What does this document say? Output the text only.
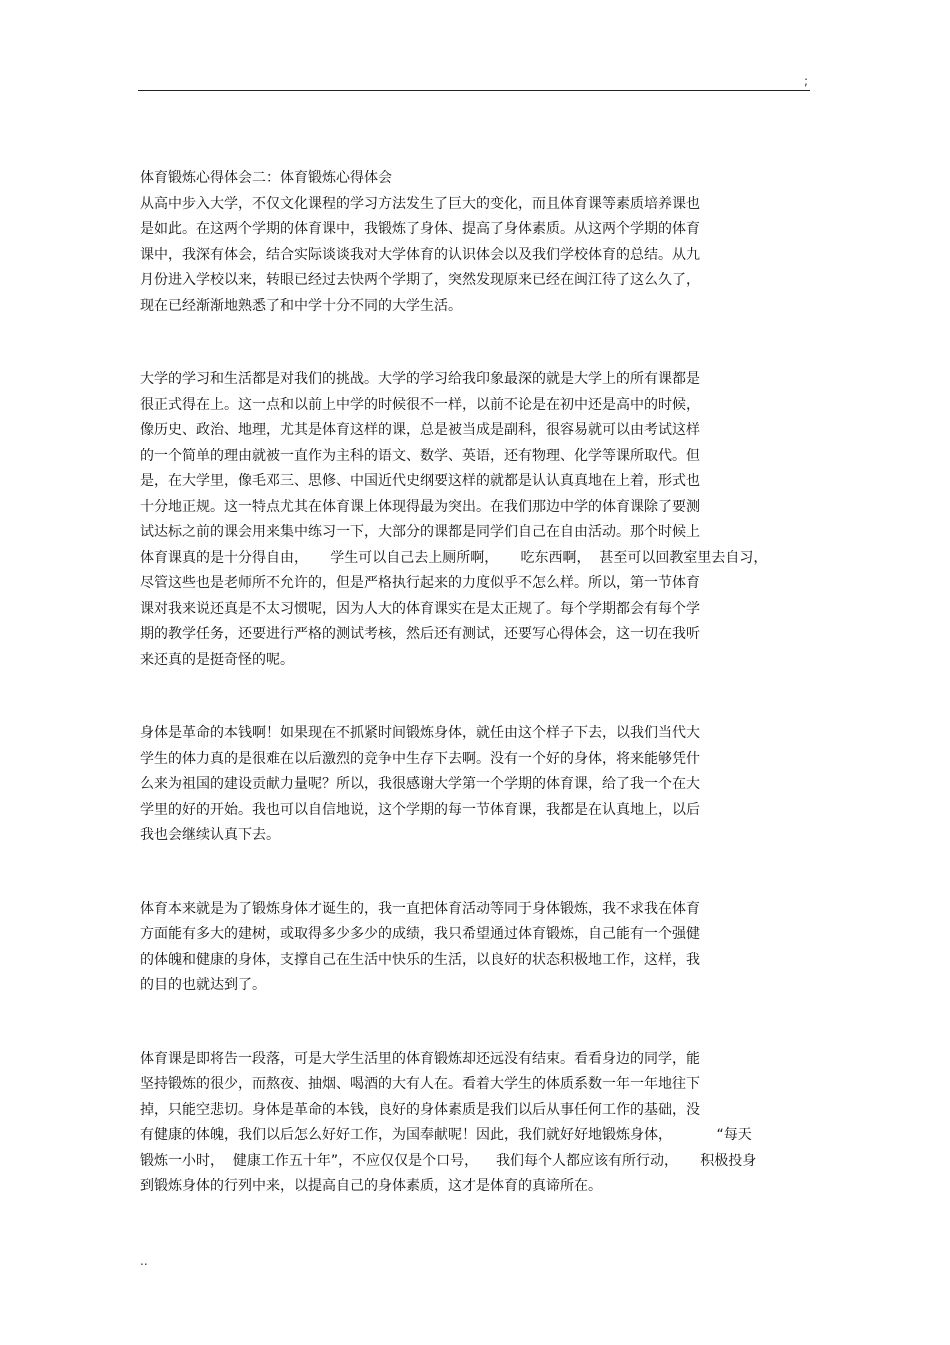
;
体育锻炼心得体会二：体育锻炼心得体会

从高中步入大学，不仅文化课程的学习方法发生了巨大的变化，而且体育课等素质培养课也
是如此。在这两个学期的体育课中，我锻炼了身体、提高了身体素质。从这两个学期的体育
课中，我深有体会，结合实际谈谈我对大学体育的认识体会以及我们学校体育的总结。从九
月份进入学校以来，转眼已经过去快两个学期了，突然发现原来已经在闽江待了这么久了，
现在已经渐渐地熟悉了和中学十分不同的大学生活。

大学的学习和生活都是对我们的挑战。大学的学习给我印象最深的就是大学上的所有课都是
很正式得在上。这一点和以前上中学的时候很不一样，以前不论是在初中还是高中的时候，
像历史、政治、地理，尤其是体育这样的课，总是被当成是副科，很容易就可以由考试这样
的一个简单的理由就被一直作为主科的语文、数学、英语，还有物理、化学等课所取代。但
是，在大学里，像毛邓三、思修、中国近代史纲要这样的就都是认认真真地在上着，形式也
十分地正规。这一特点尤其在体育课上体现得最为突出。在我们那边中学的体育课除了要测
试达标之前的课会用来集中练习一下，大部分的课都是同学们自己在自由活动。那个时候上
体育课真的是十分得自由，     学生可以自己去上厕所啊，     吃东西啊，  甚至可以回教室里去自习，
尽管这些也是老师所不允许的，但是严格执行起来的力度似乎不怎么样。所以，第一节体育
课对我来说还真是不太习惯呢，因为人大的体育课实在是太正规了。每个学期都会有每个学
期的教学任务，还要进行严格的测试考核，然后还有测试，还要写心得体会，这一切在我听
来还真的是挺奇怪的呢。

身体是革命的本钱啊！如果现在不抓紧时间锻炼身体，就任由这个样子下去，以我们当代大
学生的体力真的是很难在以后激烈的竞争中生存下去啊。没有一个好的身体，将来能够凭什
么来为祖国的建设贡献力量呢？所以，我很感谢大学第一个学期的体育课，给了我一个在大
学里的好的开始。我也可以自信地说，这个学期的每一节体育课，我都是在认真地上，以后
我也会继续认真下去。

体育本来就是为了锻炼身体才诞生的，我一直把体育活动等同于身体锻炼，我不求我在体育
方面能有多大的建树，或取得多少多少的成绩，我只希望通过体育锻炼，自己能有一个强健
的体魄和健康的身体，支撑自己在生活中快乐的生活，以良好的状态积极地工作，这样，我
的目的也就达到了。

体育课是即将告一段落，可是大学生活里的体育锻炼却还远没有结束。看看身边的同学，能
坚持锻炼的很少，而熬夜、抽烟、喝酒的大有人在。看着大学生的体质系数一年一年地往下
掉，只能空悲切。身体是革命的本钱，良好的身体素质是我们以后从事任何工作的基础，没
有健康的体魄，我们以后怎么好好工作，为国奉献呢！因此，我们就好好地锻炼身体，          “每天
锻炼一小时，  健康工作五十年”，不应仅仅是个口号，    我们每个人都应该有所行动，     积极投身
到锻炼身体的行列中来，以提高自己的身体素质，这才是体育的真谛所在。

..
